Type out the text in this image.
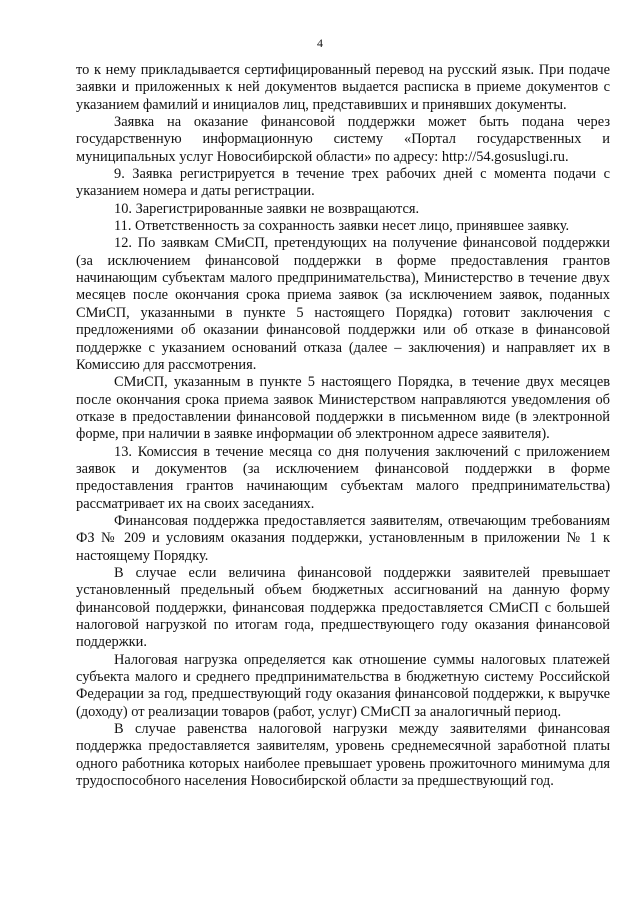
4

то к нему прикладывается сертифицированный перевод на русский язык. При подаче заявки и приложенных к ней документов выдается расписка в приеме документов с указанием фамилий и инициалов лиц, представивших и принявших документы.

Заявка на оказание финансовой поддержки может быть подана через государственную информационную систему «Портал государственных и муниципальных услуг Новосибирской области» по адресу: http://54.gosuslugi.ru.

9. Заявка регистрируется в течение трех рабочих дней с момента подачи с указанием номера и даты регистрации.

10. Зарегистрированные заявки не возвращаются.

11. Ответственность за сохранность заявки несет лицо, принявшее заявку.

12. По заявкам СМиСП, претендующих на получение финансовой поддержки (за исключением финансовой поддержки в форме предоставления грантов начинающим субъектам малого предпринимательства), Министерство в течение двух месяцев после окончания срока приема заявок (за исключением заявок, поданных СМиСП, указанными в пункте 5 настоящего Порядка) готовит заключения с предложениями об оказании финансовой поддержки или об отказе в финансовой поддержке с указанием оснований отказа (далее – заключения) и направляет их в Комиссию для рассмотрения.

СМиСП, указанным в пункте 5 настоящего Порядка, в течение двух месяцев после окончания срока приема заявок Министерством направляются уведомления об отказе в предоставлении финансовой поддержки в письменном виде (в электронной форме, при наличии в заявке информации об электронном адресе заявителя).

13. Комиссия в течение месяца со дня получения заключений с приложением заявок и документов (за исключением финансовой поддержки в форме предоставления грантов начинающим субъектам малого предпринимательства) рассматривает их на своих заседаниях.

Финансовая поддержка предоставляется заявителям, отвечающим требованиям ФЗ № 209 и условиям оказания поддержки, установленным в приложении № 1 к настоящему Порядку.

В случае если величина финансовой поддержки заявителей превышает установленный предельный объем бюджетных ассигнований на данную форму финансовой поддержки, финансовая поддержка предоставляется СМиСП с большей налоговой нагрузкой по итогам года, предшествующего году оказания финансовой поддержки.

Налоговая нагрузка определяется как отношение суммы налоговых платежей субъекта малого и среднего предпринимательства в бюджетную систему Российской Федерации за год, предшествующий году оказания финансовой поддержки, к выручке (доходу) от реализации товаров (работ, услуг) СМиСП за аналогичный период.

В случае равенства налоговой нагрузки между заявителями финансовая поддержка предоставляется заявителям, уровень среднемесячной заработной платы одного работника которых наиболее превышает уровень прожиточного минимума для трудоспособного населения Новосибирской области за предшествующий год.
